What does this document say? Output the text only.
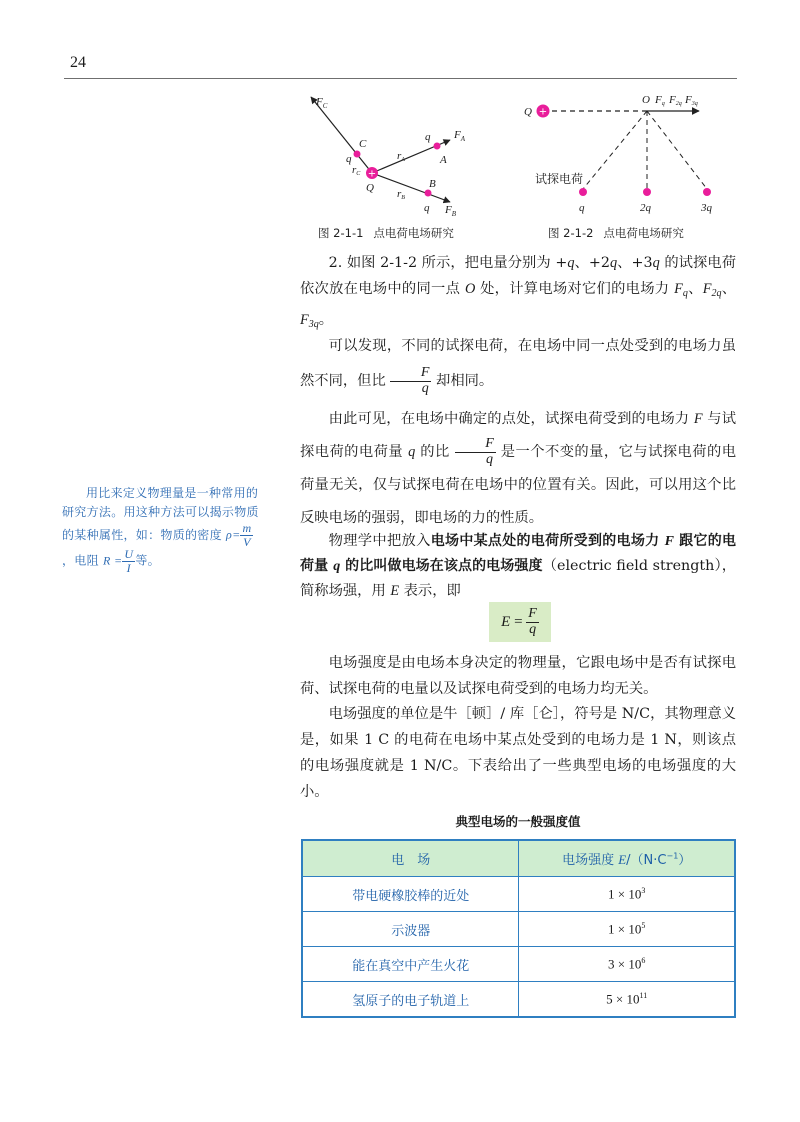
24
+
$F_C$
C
q
rC
Q
q $F_A$
rA	A
B
rB
q $F_B$
图 2-1-1 点电荷电场研究
+
Q
O Fq F2q F3q
试探电荷
q	2q	3q
图 2-1-2 点电荷电场研究
2. 如图 2-1-2 所示，把电量分别为 +q、+2q、+3q 的试探电荷依次放在电场中的同一点 O 处，计算电场对它们的电场力 $F_q$、$F_{2q}$、$F_{3q}$。
可以发现，不同的试探电荷，在电场中同一点处受到的电场力虽然不同，但比 $\frac{F}{q}$ 却相同。
由此可见，在电场中确定的点处，试探电荷受到的电场力 F 与试探电荷的电荷量 q 的比 $\frac{F}{q}$ 是一个不变的量，它与试探电荷的电荷量无关，仅与试探电荷在电场中的位置有关。因此，可以用这个比反映电场的强弱，即电场的力的性质。
物理学中把放入电场中某点处的电荷所受到的电场力 F 跟它的电荷量 q 的比叫做电场在该点的电场强度（electric field strength），简称场强，用 E 表示，即
E
=
$\frac{F}{q}$
电场强度是由电场本身决定的物理量，它跟电场中是否有试探电荷、试探电荷的电量以及试探电荷受到的电场力均无关。
电场强度的单位是牛［顿］/ 库［仑］，符号是 N/C，其物理意义是，如果 1 C 的电荷在电场中某点处受到的电场力是 1 N，则该点的电场强度就是 1 N/C。下表给出了一些典型电场的电场强度的大小。
用比来定义物理量是一种常用的研究方法。用这种方法可以揭示物质的某种属性，如：物质的密度 $\rho= \frac{m}{V}$
，电阻 $R = \frac{U}{I}$ 等。
典型电场的一般强度值
电　场	电场强度 $E/(N\cdot C^{-1})$
带电硬橡胶棒的近处	$1 \times 10^3$
示波器	$1 \times 10^5$
能在真空中产生火花	$3 \times 10^6$
氢原子的电子轨道上	$5 \times 10^{11}$
